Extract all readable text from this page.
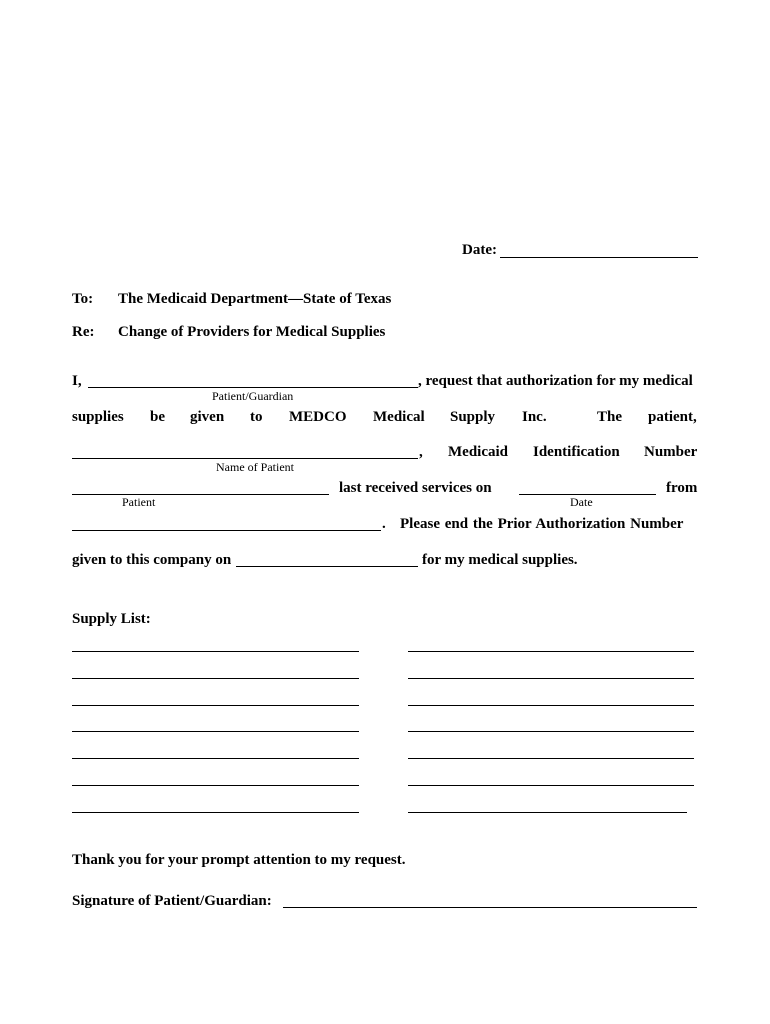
Date:
To: The Medicaid Department—State of Texas
Re: Change of Providers for Medical Supplies
I,	, request that authorization for my medical
Patient/Guardian
supplies be given to MEDCO Medical Supply Inc.	The patient,
, Medicaid Identification Number
Name of Patient
last received services on	from
Patient	Date
. Please end the Prior Authorization Number
given to this company on	for my medical supplies.
Supply List:
Thank you for your prompt attention to my request.
Signature of Patient/Guardian:
